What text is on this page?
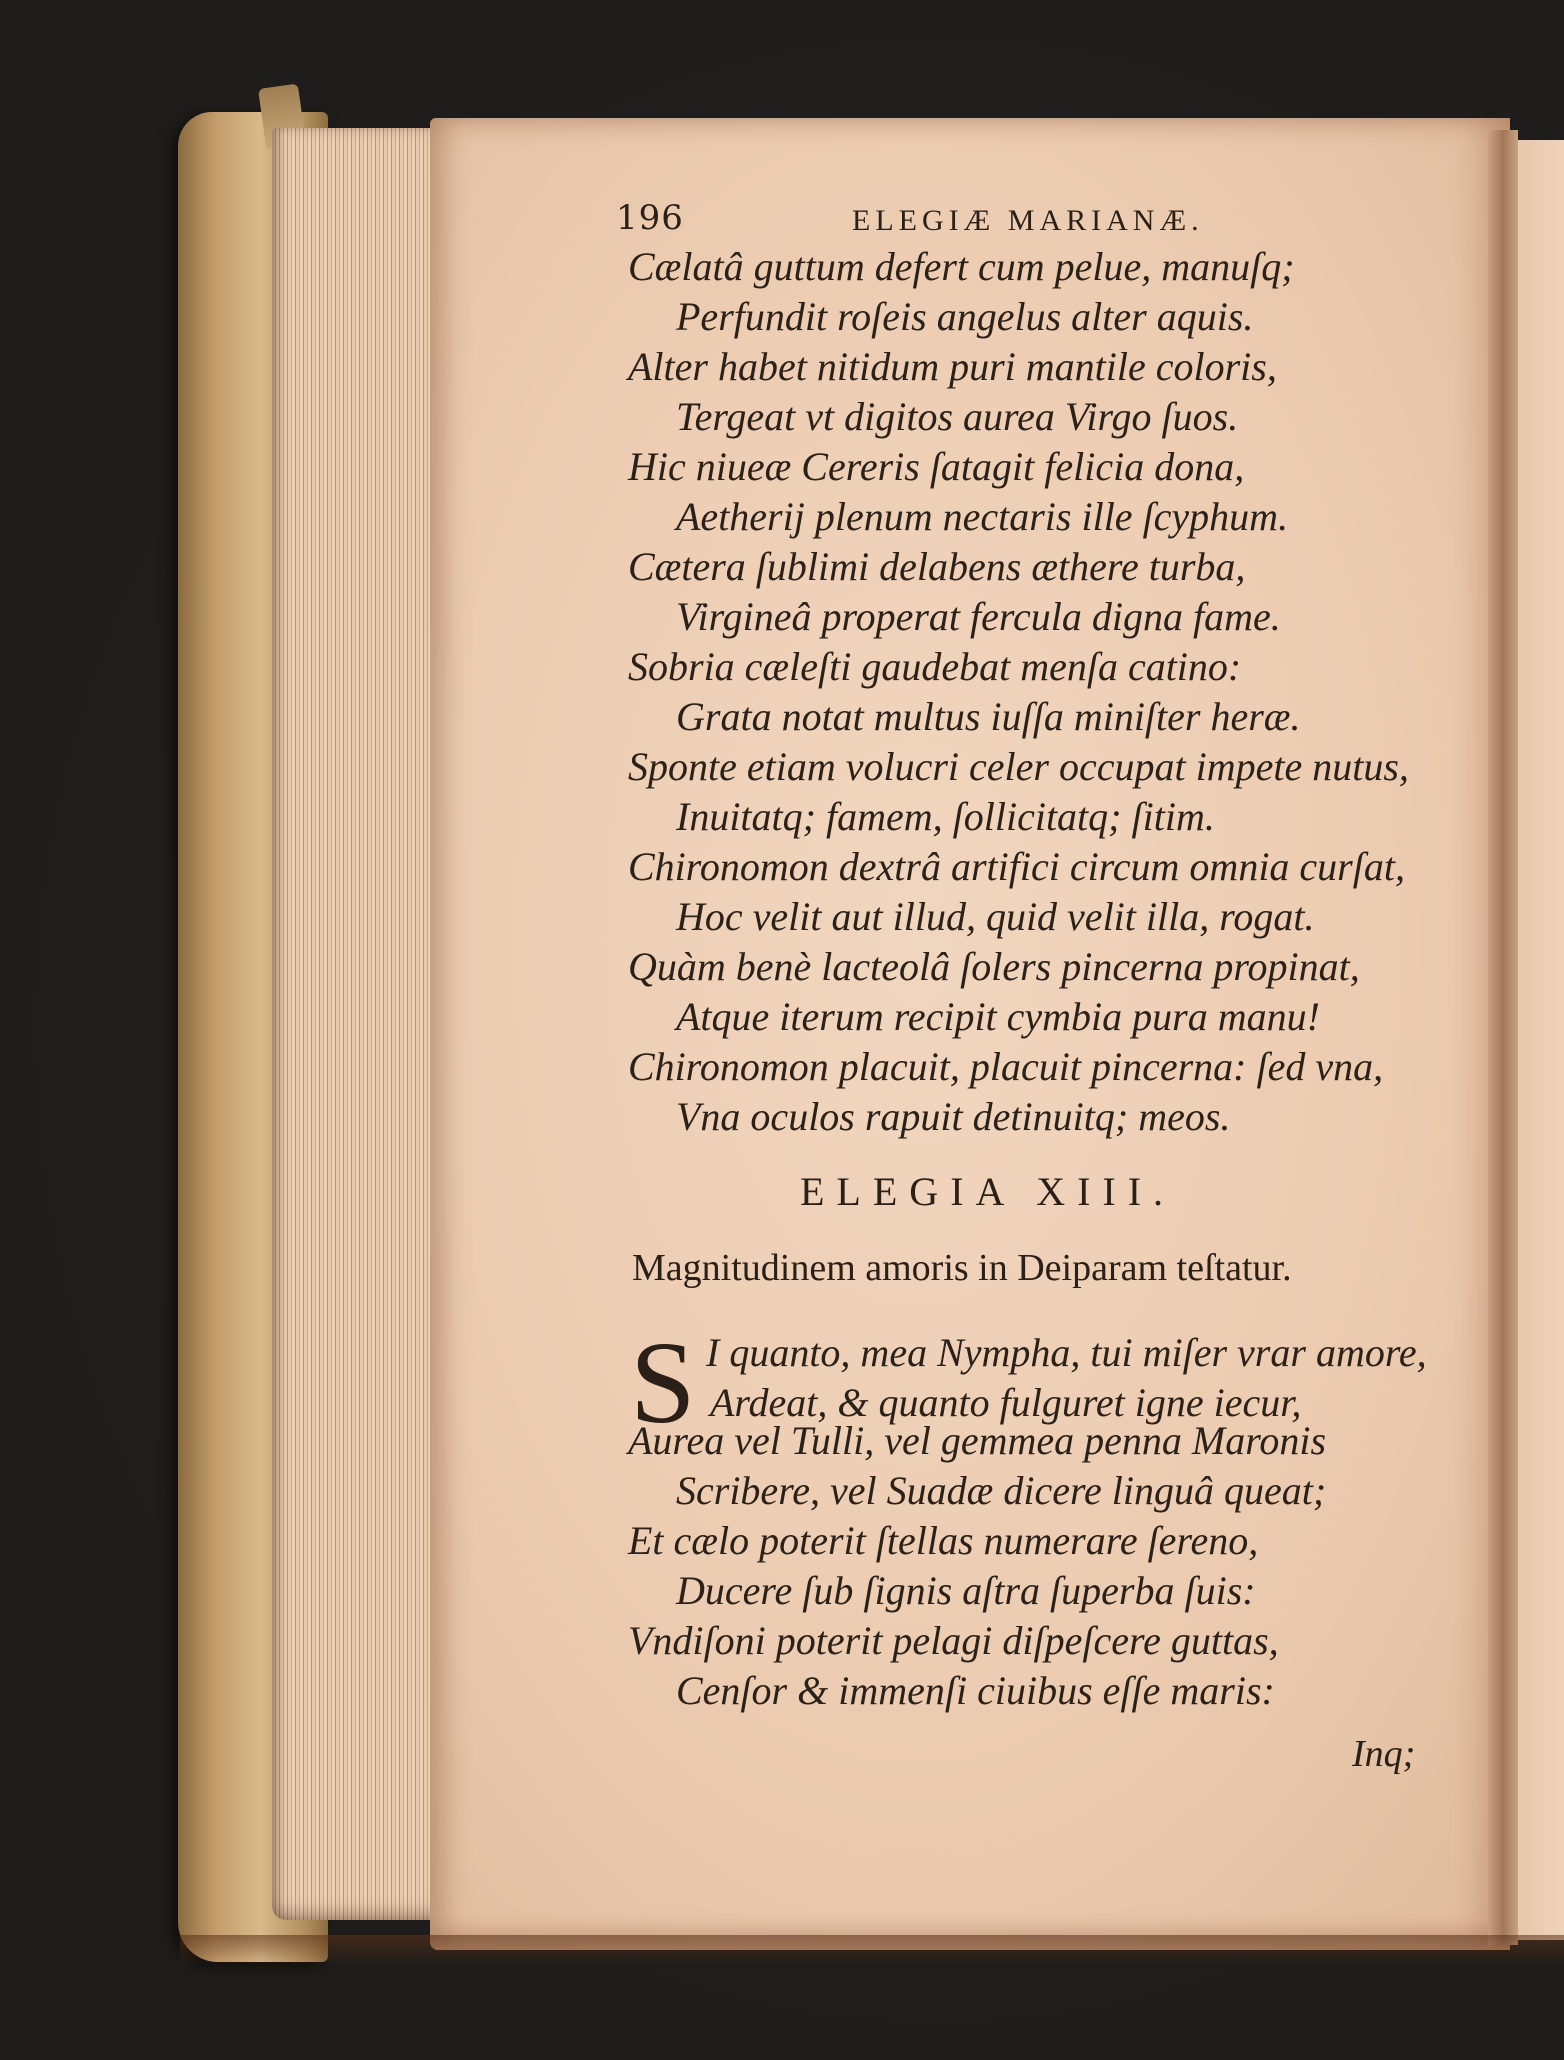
196	ELEGIÆ MARIANÆ.
Cælatâ guttum defert cum pelue, manuſq;
Perfundit roſeis angelus alter aquis.
Alter habet nitidum puri mantile coloris,
Tergeat vt digitos aurea Virgo ſuos.
Hic niueæ Cereris ſatagit felicia dona,
Aetherij plenum nectaris ille ſcyphum.
Cætera ſublimi delabens æthere turba,
Virgineâ properat fercula digna fame.
Sobria cæleſti gaudebat menſa catino:
Grata notat multus iuſſa miniſter heræ.
Sponte etiam volucri celer occupat impete nutus,
Inuitatq; famem, ſollicitatq; ſitim.
Chironomon dextrâ artifici circum omnia curſat,
Hoc velit aut illud, quid velit illa, rogat.
Quàm benè lacteolâ ſolers pincerna propinat,
Atque iterum recipit cymbia pura manu!
Chironomon placuit, placuit pincerna: ſed vna,
Vna oculos rapuit detinuitq; meos.
ELEGIA XIII.
Magnitudinem amoris in Deiparam teſtatur.
S I quanto, mea Nympha, tui miſer vrar amore,
Ardeat, & quanto fulguret igne iecur,
Aurea vel Tulli, vel gemmea penna Maronis
Scribere, vel Suadæ dicere linguâ queat;
Et cælo poterit ſtellas numerare ſereno,
Ducere ſub ſignis aſtra ſuperba ſuis:
Vndiſoni poterit pelagi diſpeſcere guttas,
Cenſor & immenſi ciuibus eſſe maris:
Inq;
